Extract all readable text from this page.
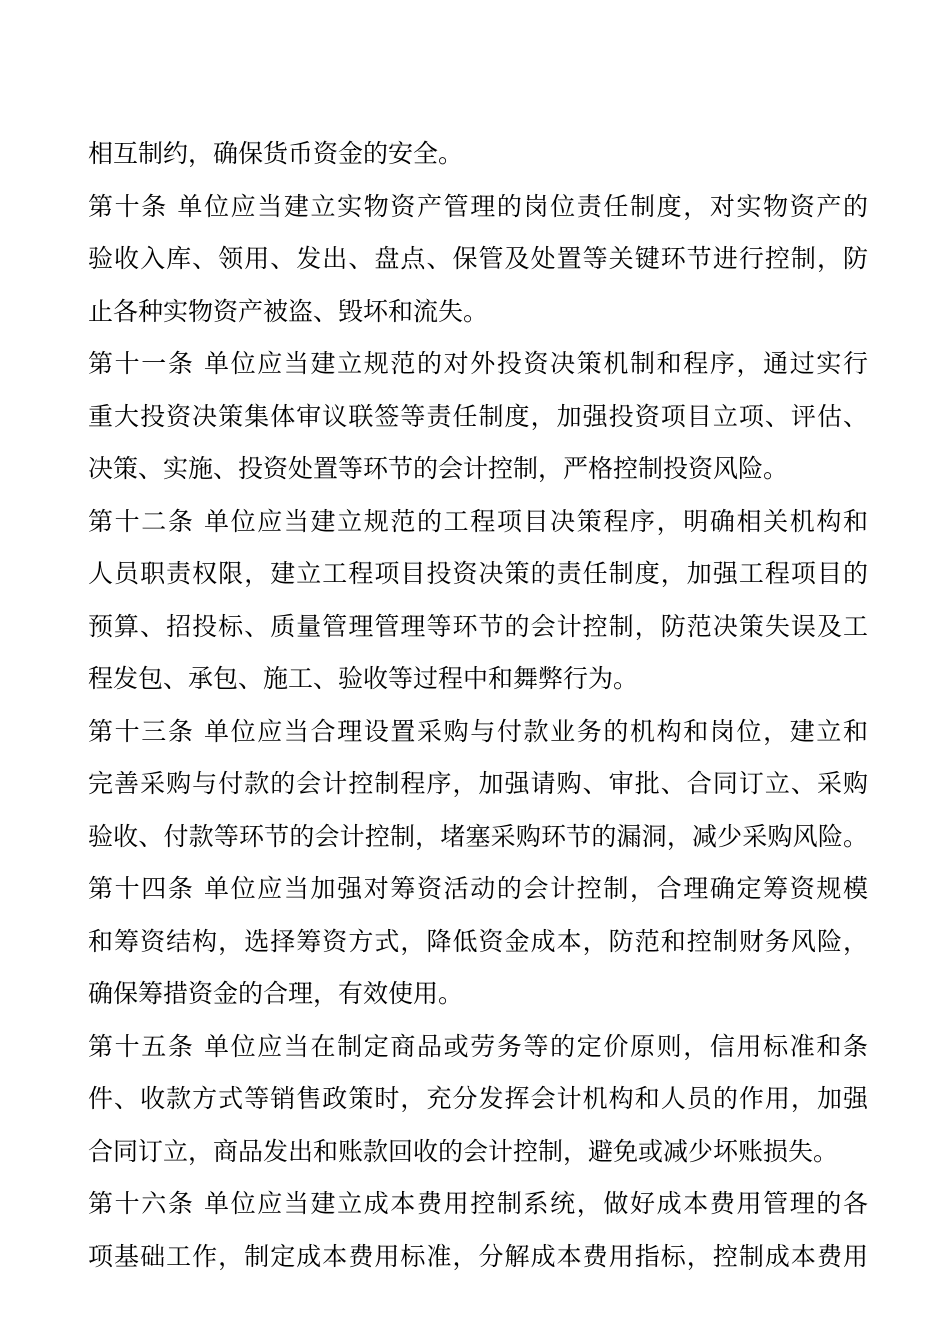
相互制约，确保货币资金的安全。
第十条 单位应当建立实物资产管理的岗位责任制度，对实物资产的
验收入库、领用、发出、盘点、保管及处置等关键环节进行控制，防
止各种实物资产被盗、毁坏和流失。
第十一条 单位应当建立规范的对外投资决策机制和程序，通过实行
重大投资决策集体审议联签等责任制度，加强投资项目立项、评估、
决策、实施、投资处置等环节的会计控制，严格控制投资风险。
第十二条 单位应当建立规范的工程项目决策程序，明确相关机构和
人员职责权限，建立工程项目投资决策的责任制度，加强工程项目的
预算、招投标、质量管理管理等环节的会计控制，防范决策失误及工
程发包、承包、施工、验收等过程中和舞弊行为。
第十三条 单位应当合理设置采购与付款业务的机构和岗位，建立和
完善采购与付款的会计控制程序，加强请购、审批、合同订立、采购
验收、付款等环节的会计控制，堵塞采购环节的漏洞，减少采购风险。
第十四条 单位应当加强对筹资活动的会计控制，合理确定筹资规模
和筹资结构，选择筹资方式，降低资金成本，防范和控制财务风险，
确保筹措资金的合理，有效使用。
第十五条 单位应当在制定商品或劳务等的定价原则，信用标准和条
件、收款方式等销售政策时，充分发挥会计机构和人员的作用，加强
合同订立，商品发出和账款回收的会计控制，避免或减少坏账损失。
第十六条 单位应当建立成本费用控制系统，做好成本费用管理的各
项基础工作，制定成本费用标准，分解成本费用指标，控制成本费用
